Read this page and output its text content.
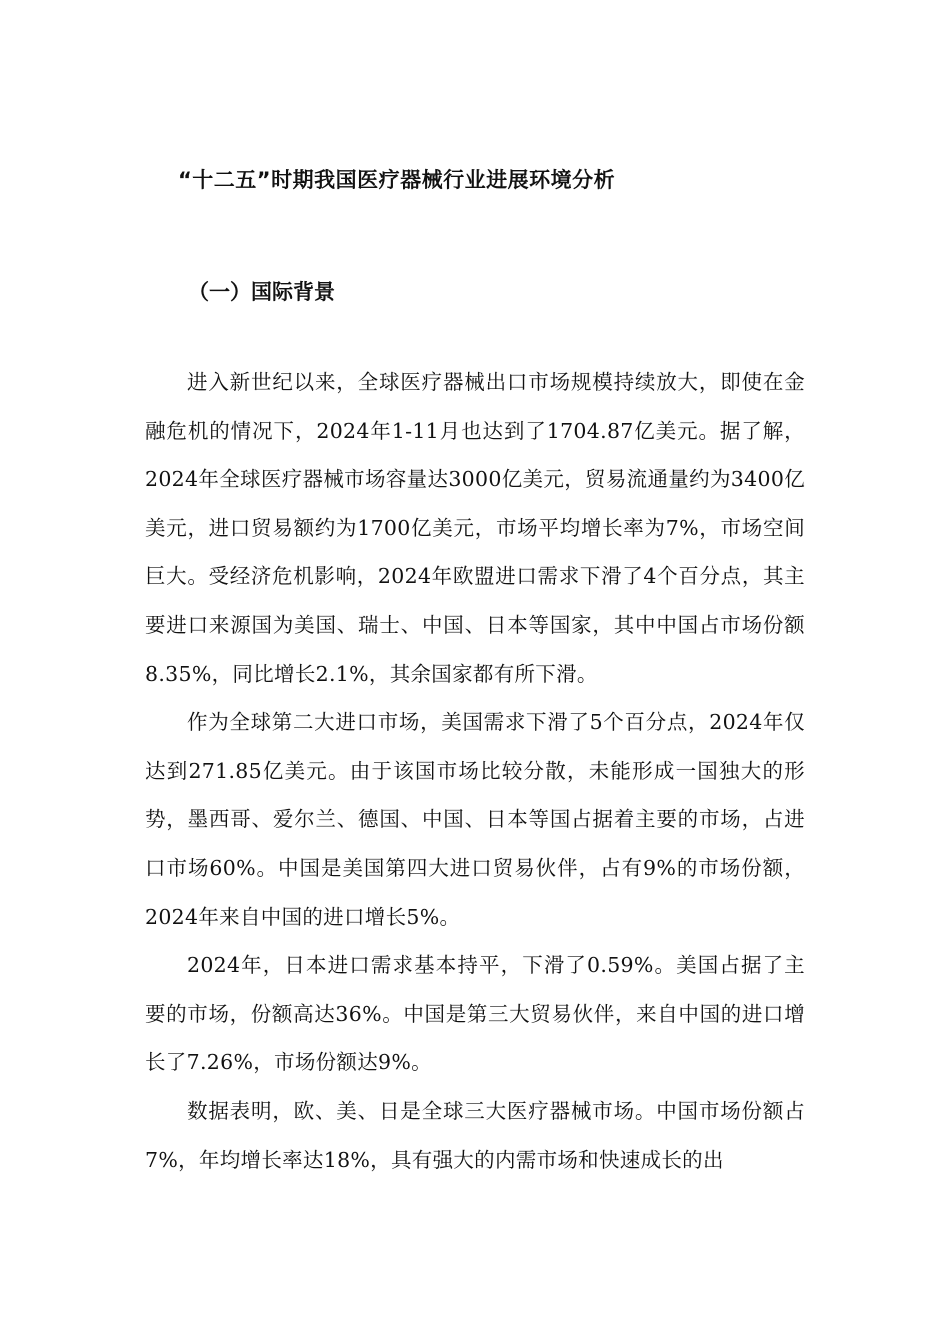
“十二五”时期我国医疗器械行业进展环境分析
（一）国际背景

进入新世纪以来，全球医疗器械出口市场规模持续放大，即使在金融危机的情况下，2024年1-11月也达到了1704.87亿美元。据了解，2024年全球医疗器械市场容量达3000亿美元，贸易流通量约为3400亿美元，进口贸易额约为1700亿美元，市场平均增长率为7%，市场空间巨大。受经济危机影响，2024年欧盟进口需求下滑了4个百分点，其主要进口来源国为美国、瑞士、中国、日本等国家，其中中国占市场份额8.35%，同比增长2.1%，其余国家都有所下滑。

作为全球第二大进口市场，美国需求下滑了5个百分点，2024年仅达到271.85亿美元。由于该国市场比较分散，未能形成一国独大的形势，墨西哥、爱尔兰、德国、中国、日本等国占据着主要的市场，占进口市场60%。中国是美国第四大进口贸易伙伴，占有9%的市场份额，2024年来自中国的进口增长5%。

2024年，日本进口需求基本持平，下滑了0.59%。美国占据了主要的市场，份额高达36%。中国是第三大贸易伙伴，来自中国的进口增长了7.26%，市场份额达9%。

数据表明，欧、美、日是全球三大医疗器械市场。中国市场份额占7%，年均增长率达18%，具有强大的内需市场和快速成长的出
